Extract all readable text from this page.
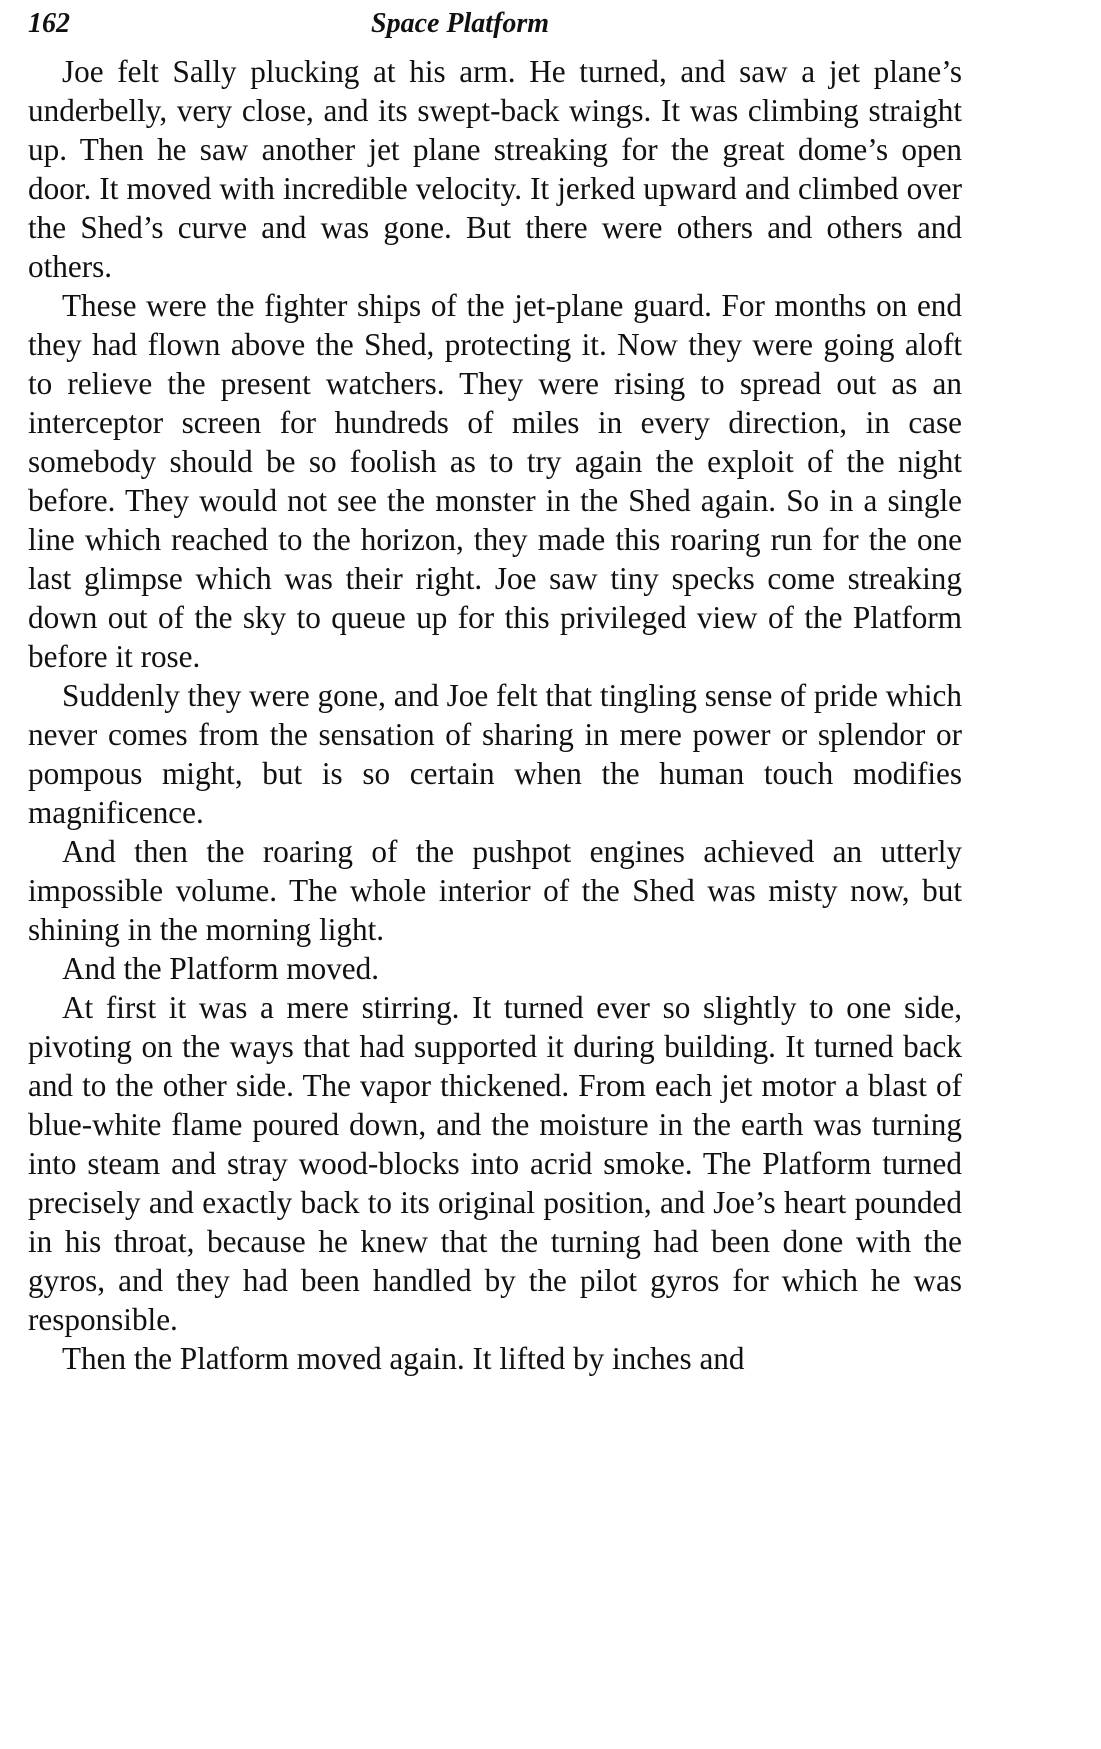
162	Space Platform

Joe felt Sally plucking at his arm. He turned, and saw a jet plane’s underbelly, very close, and its swept-back wings. It was climbing straight up. Then he saw another jet plane streaking for the great dome’s open door. It moved with incredible velocity. It jerked upward and climbed over the Shed’s curve and was gone. But there were others and others and others.

These were the fighter ships of the jet-plane guard. For months on end they had flown above the Shed, protecting it. Now they were going aloft to relieve the present watchers. They were rising to spread out as an interceptor screen for hundreds of miles in every direction, in case somebody should be so foolish as to try again the exploit of the night before. They would not see the monster in the Shed again. So in a single line which reached to the horizon, they made this roaring run for the one last glimpse which was their right. Joe saw tiny specks come streaking down out of the sky to queue up for this privileged view of the Platform before it rose.

Suddenly they were gone, and Joe felt that tingling sense of pride which never comes from the sensation of sharing in mere power or splendor or pompous might, but is so certain when the human touch modifies magnificence.

And then the roaring of the pushpot engines achieved an utterly impossible volume. The whole interior of the Shed was misty now, but shining in the morning light.

And the Platform moved.

At first it was a mere stirring. It turned ever so slightly to one side, pivoting on the ways that had supported it during building. It turned back and to the other side. The vapor thickened. From each jet motor a blast of blue-white flame poured down, and the moisture in the earth was turning into steam and stray wood-blocks into acrid smoke. The Platform turned precisely and exactly back to its original position, and Joe’s heart pounded in his throat, because he knew that the turning had been done with the gyros, and they had been handled by the pilot gyros for which he was responsible.

Then the Platform moved again. It lifted by inches and
